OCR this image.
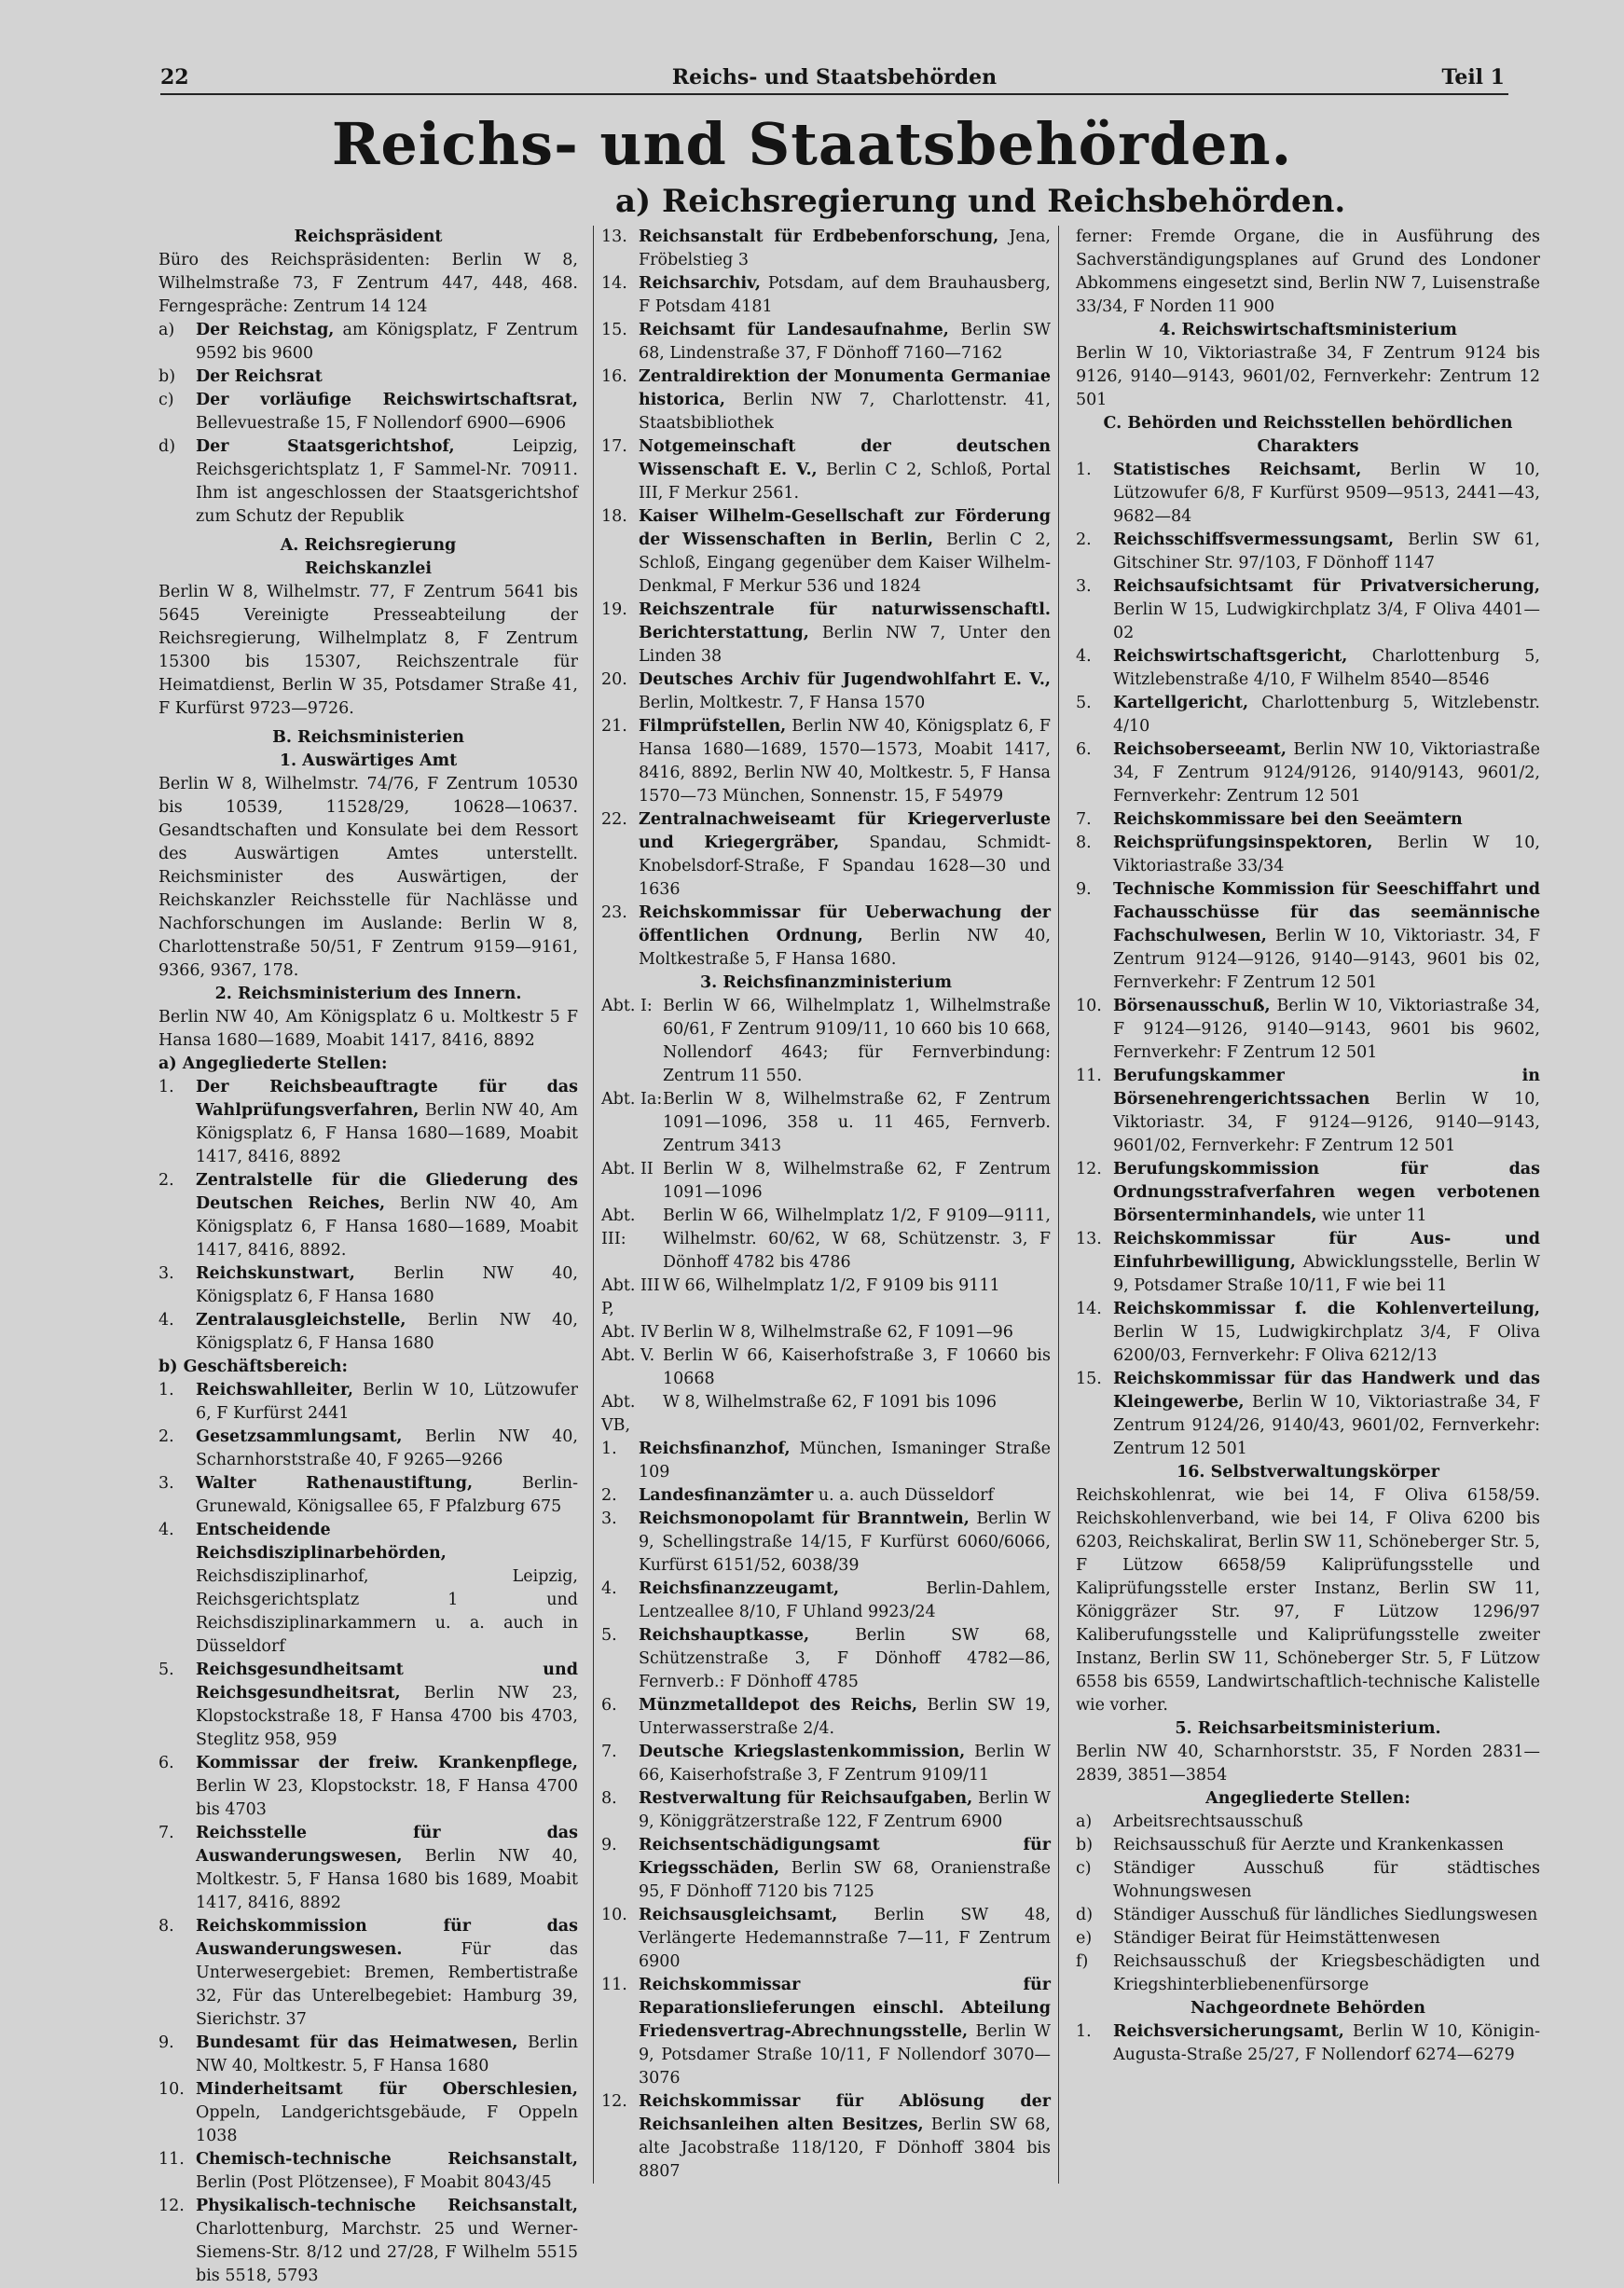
22	Reichs- und Staatsbehörden	Teil 1
Reichs- und Staatsbehörden.
a) Reichsregierung und Reichsbehörden.
Reichspräsident

Büro des Reichspräsidenten: Berlin W 8, Wilhelmstraße 73, F Zentrum 447, 448, 468. Ferngespräche: Zentrum 14 124

a)	Der Reichstag, am Königsplatz, F Zentrum 9592 bis 9600
b)	Der Reichsrat
c)	Der vorläufige Reichswirtschaftsrat, Bellevuestraße 15, F Nollendorf 6900—6906
d)	Der Staatsgerichtshof, Leipzig, Reichsgerichtsplatz 1, F Sammel-Nr. 70911. Ihm ist angeschlossen der Staatsgerichtshof zum Schutz der Republik
A. Reichsregierung
Reichskanzlei

Berlin W 8, Wilhelmstr. 77, F Zentrum 5641 bis 5645 Vereinigte Presseabteilung der Reichsregierung, Wilhelmplatz 8, F Zentrum 15300 bis 15307, Reichszentrale für Heimatdienst, Berlin W 35, Potsdamer Straße 41, F Kurfürst 9723—9726.

B. Reichsministerien
1. Auswärtiges Amt

Berlin W 8, Wilhelmstr. 74/76, F Zentrum 10530 bis 10539, 11528/29, 10628—10637. Gesandtschaften und Konsulate bei dem Ressort des Auswärtigen Amtes unterstellt. Reichsminister des Auswärtigen, der Reichskanzler Reichsstelle für Nachlässe und Nachforschungen im Auslande: Berlin W 8, Charlottenstraße 50/51, F Zentrum 9159—9161, 9366, 9367, 178.

2. Reichsministerium des Innern.

Berlin NW 40, Am Königsplatz 6 u. Moltkestr 5 F Hansa 1680—1689, Moabit 1417, 8416, 8892

a) Angegliederte Stellen:
1.	Der Reichsbeauftragte für das Wahlprüfungsverfahren, Berlin NW 40, Am Königsplatz 6, F Hansa 1680—1689, Moabit 1417, 8416, 8892
2.	Zentralstelle für die Gliederung des Deutschen Reiches, Berlin NW 40, Am Königsplatz 6, F Hansa 1680—1689, Moabit 1417, 8416, 8892.
3.	Reichskunstwart, Berlin NW 40, Königsplatz 6, F Hansa 1680
4.	Zentralausgleichstelle, Berlin NW 40, Königsplatz 6, F Hansa 1680
b) Geschäftsbereich:
1.	Reichswahlleiter, Berlin W 10, Lützowufer 6, F Kurfürst 2441
2.	Gesetzsammlungsamt, Berlin NW 40, Scharnhorststraße 40, F 9265—9266
3.	Walter Rathenaustiftung, Berlin-Grunewald, Königsallee 65, F Pfalzburg 675
4.	Entscheidende Reichsdisziplinarbehörden, Reichsdisziplinarhof, Leipzig, Reichsgerichtsplatz 1 und Reichsdisziplinarkammern u. a. auch in Düsseldorf
5.	Reichsgesundheitsamt und Reichsgesundheitsrat, Berlin NW 23, Klopstockstraße 18, F Hansa 4700 bis 4703, Steglitz 958, 959
6.	Kommissar der freiw. Krankenpflege, Berlin W 23, Klopstockstr. 18, F Hansa 4700 bis 4703
7.	Reichsstelle für das Auswanderungswesen, Berlin NW 40, Moltkestr. 5, F Hansa 1680 bis 1689, Moabit 1417, 8416, 8892
8.	Reichskommission für das Auswanderungswesen. Für das Unterwesergebiet: Bremen, Rembertistraße 32, Für das Unterelbegebiet: Hamburg 39, Sierichstr. 37
9.	Bundesamt für das Heimatwesen, Berlin NW 40, Moltkestr. 5, F Hansa 1680
10. Minderheitsamt für Oberschlesien, Oppeln, Landgerichtsgebäude, F Oppeln 1038
11. Chemisch-technische Reichsanstalt, Berlin (Post Plötzensee), F Moabit 8043/45
12. Physikalisch-technische Reichsanstalt, Charlottenburg, Marchstr. 25 und Werner-Siemens-Str. 8/12 und 27/28, F Wilhelm 5515 bis 5518, 5793
13. Reichsanstalt für Erdbebenforschung, Jena, Fröbelstieg 3
14. Reichsarchiv, Potsdam, auf dem Brauhausberg, F Potsdam 4181
15. Reichsamt für Landesaufnahme, Berlin SW 68, Lindenstraße 37, F Dönhoff 7160—7162
16. Zentraldirektion der Monumenta Germaniae historica, Berlin NW 7, Charlottenstr. 41, Staatsbibliothek
17. Notgemeinschaft der deutschen Wissenschaft E. V., Berlin C 2, Schloß, Portal III, F Merkur 2561.
18. Kaiser Wilhelm-Gesellschaft zur Förderung der Wissenschaften in Berlin, Berlin C 2, Schloß, Eingang gegenüber dem Kaiser Wilhelm-Denkmal, F Merkur 536 und 1824
19. Reichszentrale für naturwissenschaftl. Berichterstattung, Berlin NW 7, Unter den Linden 38
20. Deutsches Archiv für Jugendwohlfahrt E. V., Berlin, Moltkestr. 7, F Hansa 1570
21. Filmprüfstellen, Berlin NW 40, Königsplatz 6, F Hansa 1680—1689, 1570—1573, Moabit 1417, 8416, 8892, Berlin NW 40, Moltkestr. 5, F Hansa 1570—73 München, Sonnenstr. 15, F 54979
22. Zentralnachweiseamt für Kriegerverluste und Kriegergräber, Spandau, Schmidt-Knobelsdorf-Straße, F Spandau 1628—30 und 1636
23. Reichskommissar für Ueberwachung der öffentlichen Ordnung, Berlin NW 40, Moltkestraße 5, F Hansa 1680.
3. Reichsfinanzministerium
Abt. I: Berlin W 66, Wilhelmplatz 1, Wilhelmstraße 60/61, F Zentrum 9109/11, 10 660 bis 10 668, Nollendorf 4643; für Fernverbindung: Zentrum 11 550.
Abt. Ia: Berlin W 8, Wilhelmstraße 62, F Zentrum 1091—1096, 358 u. 11 465, Fernverb. Zentrum 3413
Abt. II Berlin W 8, Wilhelmstraße 62, F Zentrum 1091—1096
Abt. III:
Berlin W 66, Wilhelmplatz 1/2, F 9109—9111, Wilhelmstr. 60/62, W 68, Schützenstr. 3, F Dönhoff 4782 bis 4786
Abt. III P,
W 66, Wilhelmplatz 1/2, F 9109 bis 9111
Abt. IV Berlin W 8, Wilhelmstraße 62, F 1091—96
Abt. V. Berlin W 66, Kaiserhofstraße 3, F 10660 bis 10668
Abt. VB,
W 8, Wilhelmstraße 62, F 1091 bis 1096
1.	Reichsfinanzhof, München, Ismaninger Straße 109
2.	Landesfinanzämter u. a. auch Düsseldorf
3.	Reichsmonopolamt für Branntwein, Berlin W 9, Schellingstraße 14/15, F Kurfürst 6060/6066, Kurfürst 6151/52, 6038/39
4.	Reichsfinanzzeugamt, Berlin-Dahlem, Lentzeallee 8/10, F Uhland 9923/24
5.	Reichshauptkasse, Berlin SW 68, Schützenstraße 3, F Dönhoff 4782—86, Fernverb.: F Dönhoff 4785
6.	Münzmetalldepot des Reichs, Berlin SW 19, Unterwasserstraße 2/4.
7.	Deutsche Kriegslastenkommission, Berlin W 66, Kaiserhofstraße 3, F Zentrum 9109/11
8.	Restverwaltung für Reichsaufgaben, Berlin W 9, Königgrätzerstraße 122, F Zentrum 6900
9.	Reichsentschädigungsamt für Kriegsschäden, Berlin SW 68, Oranienstraße 95, F Dönhoff 7120 bis 7125
10. Reichsausgleichsamt, Berlin SW 48, Verlängerte Hedemannstraße 7—11, F Zentrum 6900
11. Reichskommissar für Reparationslieferungen einschl. Abteilung Friedensvertrag-Abrechnungsstelle, Berlin W 9, Potsdamer Straße 10/11, F Nollendorf 3070—3076
12. Reichskommissar für Ablösung der Reichsanleihen alten Besitzes, Berlin SW 68, alte Jacobstraße 118/120, F Dönhoff 3804 bis 8807

ferner: Fremde Organe, die in Ausführung des Sachverständigungsplanes auf Grund des Londoner Abkommens eingesetzt sind, Berlin NW 7, Luisenstraße 33/34, F Norden 11 900

4. Reichswirtschaftsministerium

Berlin W 10, Viktoriastraße 34, F Zentrum 9124 bis 9126, 9140—9143, 9601/02, Fernverkehr: Zentrum 12 501

C. Behörden und Reichsstellen behördlichen Charakters
1.	Statistisches Reichsamt, Berlin W 10, Lützowufer 6/8, F Kurfürst 9509—9513, 2441—43, 9682—84
2.	Reichsschiffsvermessungsamt, Berlin SW 61, Gitschiner Str. 97/103, F Dönhoff 1147
3.	Reichsaufsichtsamt für Privatversicherung, Berlin W 15, Ludwigkirchplatz 3/4, F Oliva 4401—02
4.	Reichswirtschaftsgericht, Charlottenburg 5, Witzlebenstraße 4/10, F Wilhelm 8540—8546
5.	Kartellgericht, Charlottenburg 5, Witzlebenstr. 4/10
6.	Reichsoberseeamt, Berlin NW 10, Viktoriastraße 34, F Zentrum 9124/9126, 9140/9143, 9601/2, Fernverkehr: Zentrum 12 501
7.	Reichskommissare bei den Seeämtern
8.	Reichsprüfungsinspektoren, Berlin W 10, Viktoriastraße 33/34
9.	Technische Kommission für Seeschiffahrt und Fachausschüsse für das seemännische Fachschulwesen, Berlin W 10, Viktoriastr. 34, F Zentrum 9124—9126, 9140—9143, 9601 bis 02, Fernverkehr: F Zentrum 12 501
10. Börsenausschuß, Berlin W 10, Viktoriastraße 34, F 9124—9126, 9140—9143, 9601 bis 9602, Fernverkehr: F Zentrum 12 501
11. Berufungskammer in Börsenehrengerichtssachen Berlin W 10, Viktoriastr. 34, F 9124—9126, 9140—9143, 9601/02, Fernverkehr: F Zentrum 12 501
12. Berufungskommission für das Ordnungsstrafverfahren wegen verbotenen Börsenterminhandels, wie unter 11
13. Reichskommissar für Aus- und Einfuhrbewilligung, Abwicklungsstelle, Berlin W 9, Potsdamer Straße 10/11, F wie bei 11
14. Reichskommissar f. die Kohlenverteilung, Berlin W 15, Ludwigkirchplatz 3/4, F Oliva 6200/03, Fernverkehr: F Oliva 6212/13
15. Reichskommissar für das Handwerk und das Kleingewerbe, Berlin W 10, Viktoriastraße 34, F Zentrum 9124/26, 9140/43, 9601/02, Fernverkehr: Zentrum 12 501
16. Selbstverwaltungskörper

Reichskohlenrat, wie bei 14, F Oliva 6158/59. Reichskohlenverband, wie bei 14, F Oliva 6200 bis 6203, Reichskalirat, Berlin SW 11, Schöneberger Str. 5, F Lützow 6658/59 Kaliprüfungsstelle und Kaliprüfungsstelle erster Instanz, Berlin SW 11, Königgräzer Str. 97, F Lützow 1296/97 Kaliberufungsstelle und Kaliprüfungsstelle zweiter Instanz, Berlin SW 11, Schöneberger Str. 5, F Lützow 6558 bis 6559, Landwirtschaftlich-technische Kalistelle wie vorher.

5. Reichsarbeitsministerium.

Berlin NW 40, Scharnhorststr. 35, F Norden 2831—2839, 3851—3854

Angegliederte Stellen:
a)	Arbeitsrechtsausschuß
b)	Reichsausschuß für Aerzte und Krankenkassen
c)	Ständiger Ausschuß für städtisches Wohnungswesen
d)	Ständiger Ausschuß für ländliches Siedlungswesen
e)	Ständiger Beirat für Heimstättenwesen
f)	Reichsausschuß der Kriegsbeschädigten und Kriegshinterbliebenenfürsorge
Nachgeordnete Behörden
1.	Reichsversicherungsamt, Berlin W 10, Königin-Augusta-Straße 25/27, F Nollendorf 6274—6279
